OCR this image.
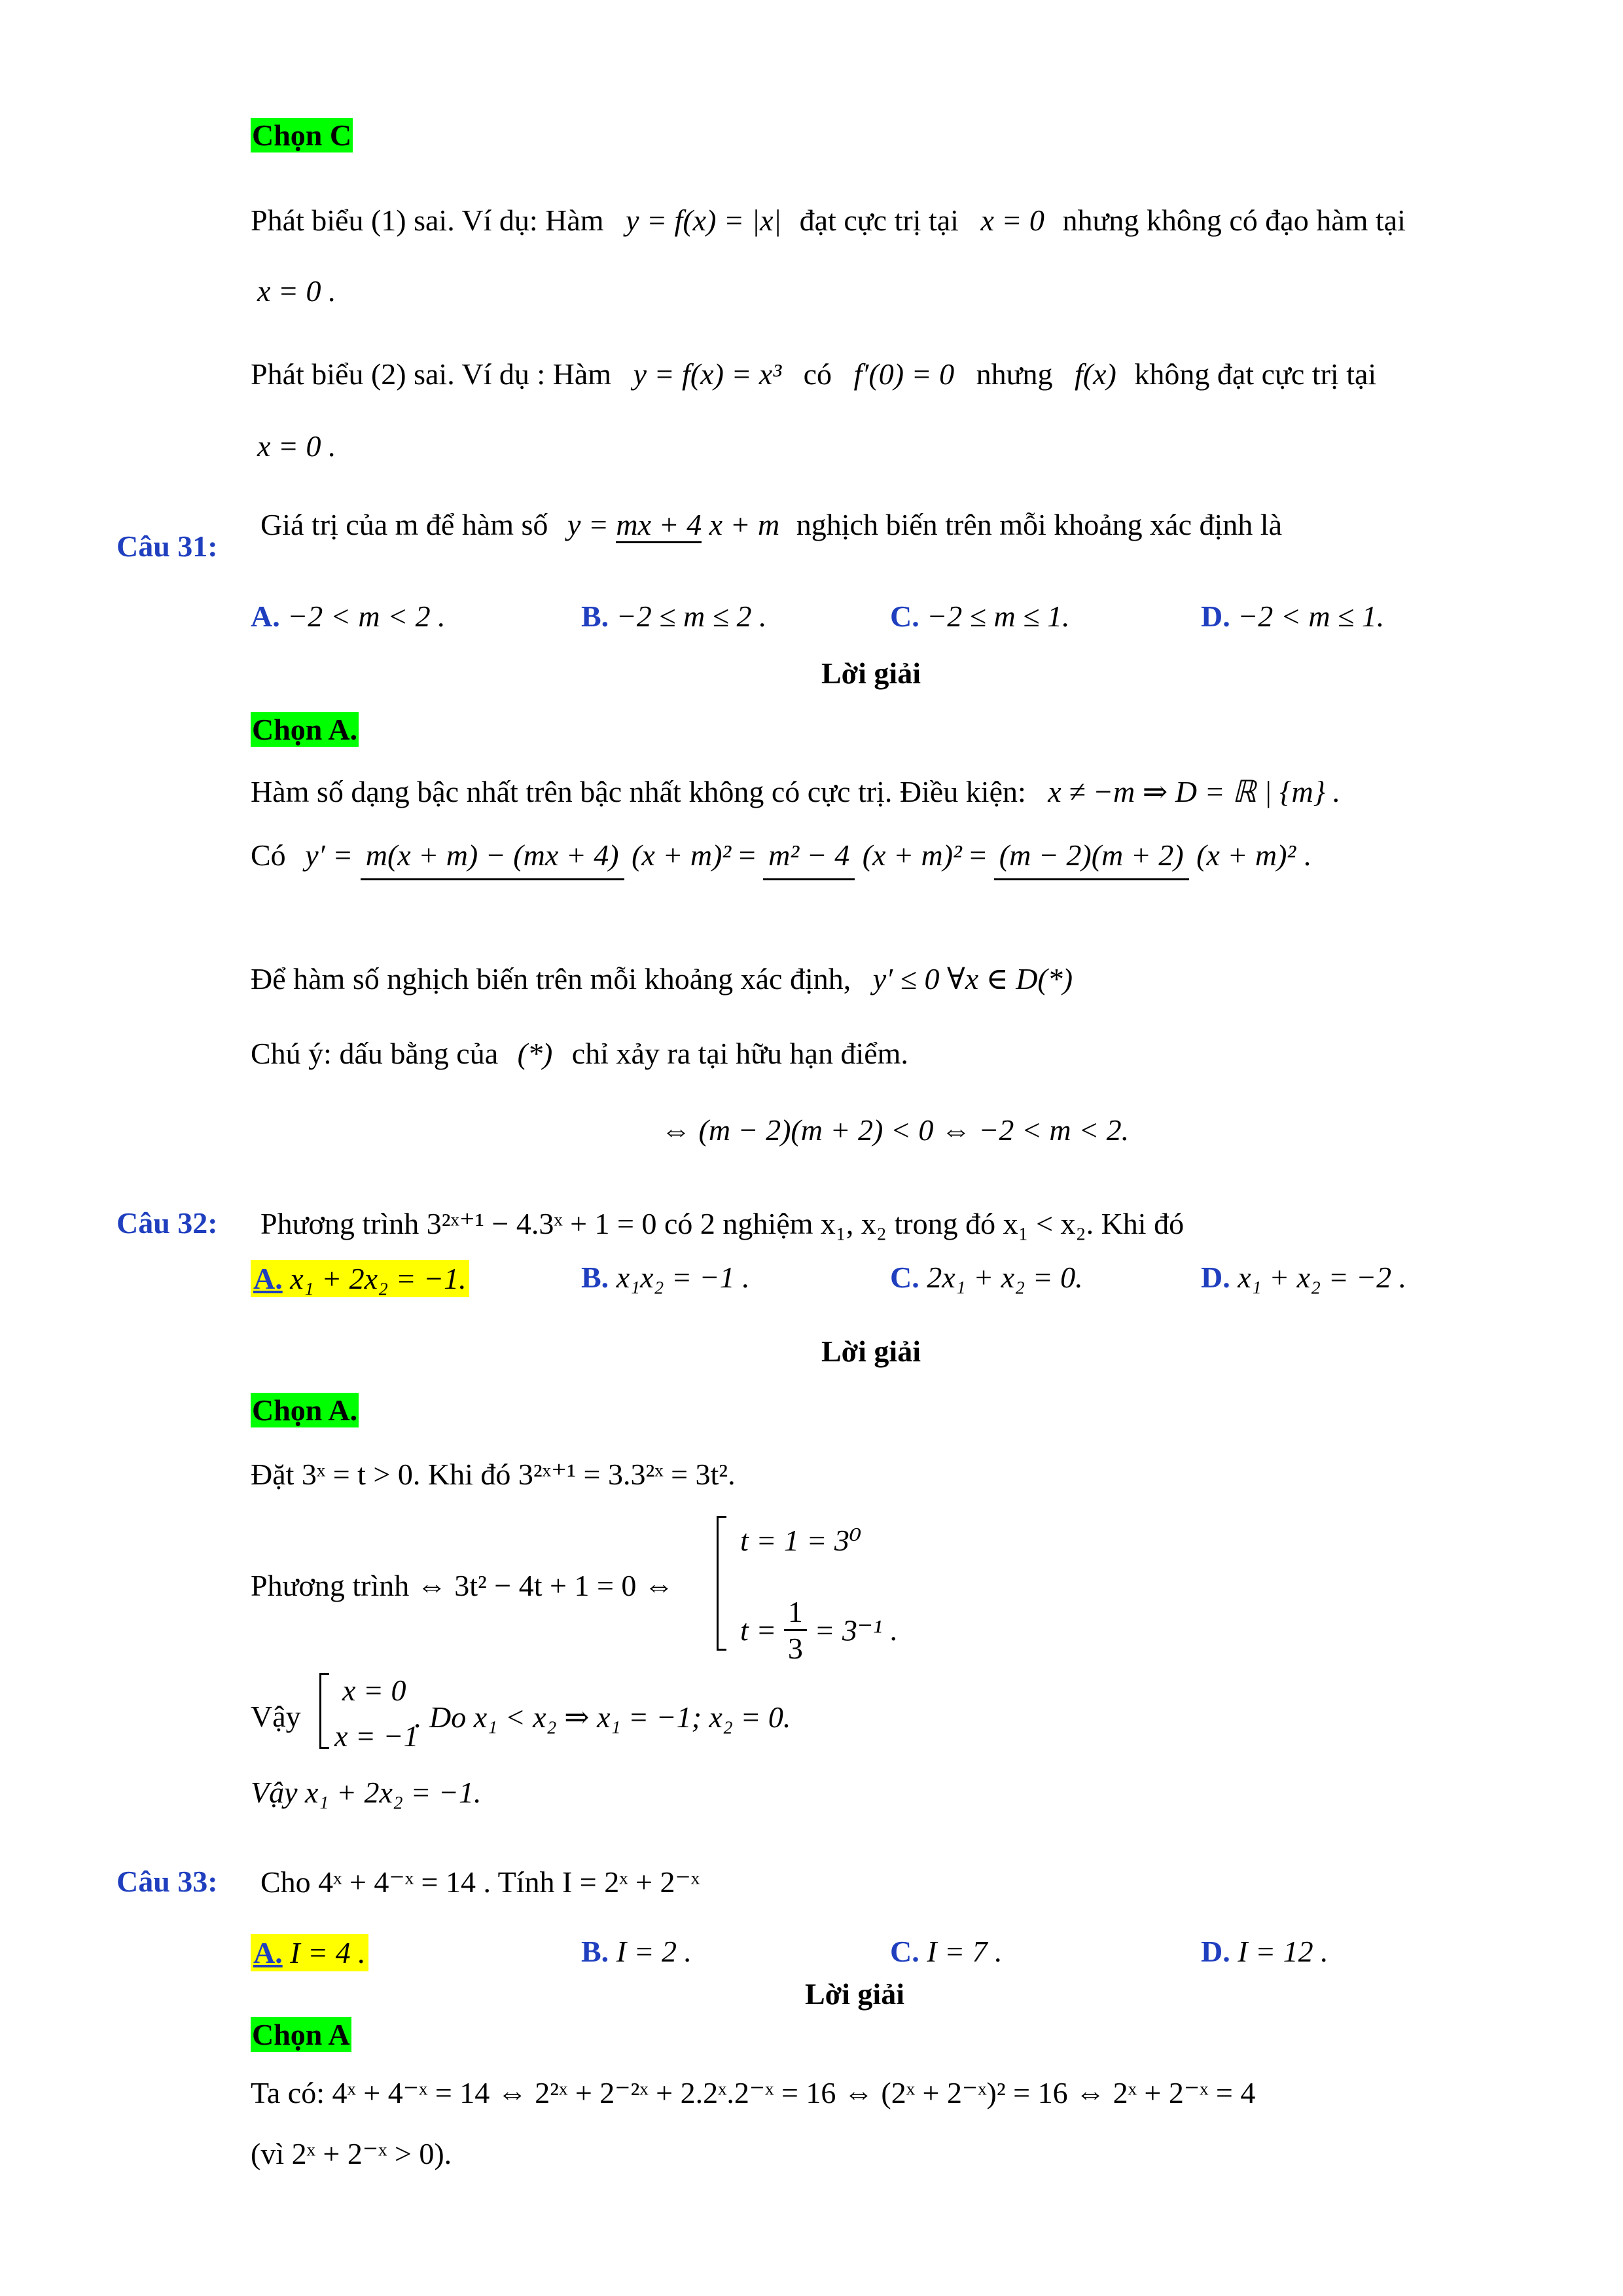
Chọn C
Phát biểu (1) sai. Ví dụ: Hàm y = f(x) = |x| đạt cực trị tại x = 0 nhưng không có đạo hàm tại
x = 0 .
Phát biểu (2) sai. Ví dụ : Hàm y = f(x) = x³ có f′(0) = 0 nhưng f(x) không đạt cực trị tại
x = 0 .
Câu 31:
Giá trị của m để hàm số y = mx + 4 x + m nghịch biến trên mỗi khoảng xác định là
A. −2 < m < 2 .	B. −2 ≤ m ≤ 2 .	C. −2 ≤ m ≤ 1.	D. −2 < m ≤ 1.
Lời giải
Chọn A.
Hàm số dạng bậc nhất trên bậc nhất không có cực trị. Điều kiện: x ≠ −m ⇒ D = ℝ | {m} .
Có y′ = m(x + m) − (mx + 4) (x + m)² = m² − 4 (x + m)² = (m − 2)(m + 2) (x + m)² .
Để hàm số nghịch biến trên mỗi khoảng xác định, y′ ≤ 0 ∀x ∈ D(*)
Chú ý: dấu bằng của (*) chỉ xảy ra tại hữu hạn điểm.
⇔ (m − 2)(m + 2) < 0 ⇔ −2 < m < 2.
Câu 32: Phương trình 3²ˣ⁺¹ − 4.3ˣ + 1 = 0 có 2 nghiệm x₁, x₂ trong đó x₁ < x₂. Khi đó
A. x₁ + 2x₂ = −1.	B. x₁x₂ = −1 .	C. 2x₁ + x₂ = 0.	D. x₁ + x₂ = −2 .
Lời giải
Chọn A.
Đặt 3ˣ = t > 0. Khi đó 3²ˣ⁺¹ = 3.3²ˣ = 3t².
Phương trình ⇔ 3t² − 4t + 1 = 0 ⇔
t = 1 = 3⁰
$t = \frac{1}{3} = 3^{-1}$ .
Vậy
x = 0
x = −1
. Do x₁ < x₂ ⇒ x₁ = −1; x₂ = 0.
Vậy x₁ + 2x₂ = −1.
Câu 33: Cho 4ˣ + 4⁻ˣ = 14 . Tính I = 2ˣ + 2⁻ˣ
A. I = 4 .	B. I = 2 .	C. I = 7 .	D. I = 12 .
Lời giải
Chọn A
Ta có: 4ˣ + 4⁻ˣ = 14 ⇔ 2²ˣ + 2⁻²ˣ + 2.2ˣ.2⁻ˣ = 16 ⇔ (2ˣ + 2⁻ˣ)² = 16 ⇔ 2ˣ + 2⁻ˣ = 4
(vì 2ˣ + 2⁻ˣ > 0).
